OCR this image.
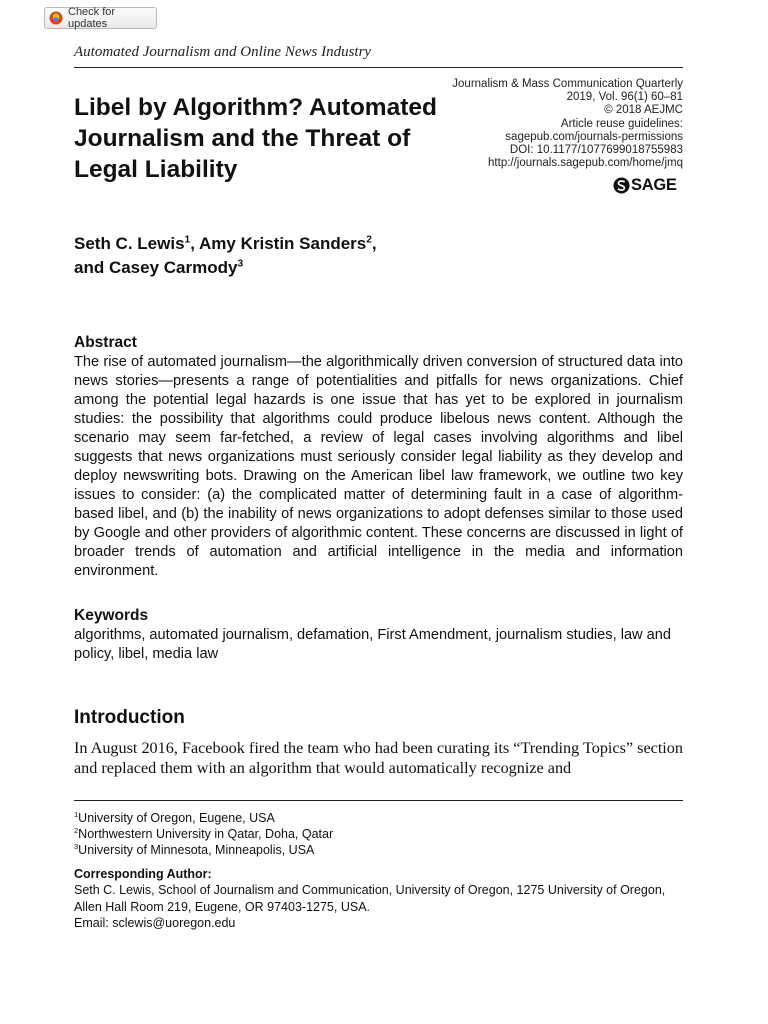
Check for updates
Automated Journalism and Online News Industry
Libel by Algorithm? Automated Journalism and the Threat of Legal Liability
Journalism & Mass Communication Quarterly
2019, Vol. 96(1) 60–81
© 2018 AEJMC
Article reuse guidelines:
sagepub.com/journals-permissions
DOI: 10.1177/1077699018755983
http://journals.sagepub.com/home/jmq
SAGE
Seth C. Lewis$^1$, Amy Kristin Sanders$^2$,
and Casey Carmody$^3$
Abstract

The rise of automated journalism—the algorithmically driven conversion of structured data into news stories—presents a range of potentialities and pitfalls for news organizations. Chief among the potential legal hazards is one issue that has yet to be explored in journalism studies: the possibility that algorithms could produce libelous news content. Although the scenario may seem far-fetched, a review of legal cases involving algorithms and libel suggests that news organizations must seriously consider legal liability as they develop and deploy newswriting bots. Drawing on the American libel law framework, we outline two key issues to consider: (a) the complicated matter of determining fault in a case of algorithm-based libel, and (b) the inability of news organizations to adopt defenses similar to those used by Google and other providers of algorithmic content. These concerns are discussed in light of broader trends of automation and artificial intelligence in the media and information environment.

Keywords

algorithms, automated journalism, defamation, First Amendment, journalism studies, law and policy, libel, media law

Introduction

In August 2016, Facebook fired the team who had been curating its “Trending Topics” section and replaced them with an algorithm that would automatically recognize and

$^1$University of Oregon, Eugene, USA
$^2$Northwestern University in Qatar, Doha, Qatar
$^3$University of Minnesota, Minneapolis, USA
Corresponding Author:
Seth C. Lewis, School of Journalism and Communication, University of Oregon, 1275 University of Oregon, Allen Hall Room 219, Eugene, OR 97403-1275, USA.
Email: sclewis@uoregon.edu
